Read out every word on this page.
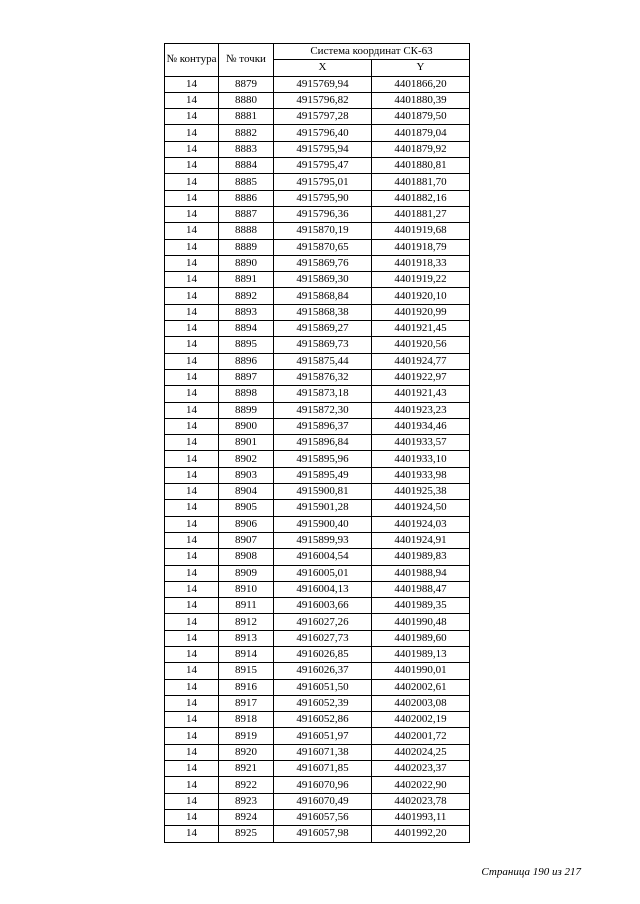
№ контура	№ точки	Система координат СК-63	
		X	Y
14	8879	4915769,94	4401866,20
14	8880	4915796,82	4401880,39
14	8881	4915797,28	4401879,50
14	8882	4915796,40	4401879,04
14	8883	4915795,94	4401879,92
14	8884	4915795,47	4401880,81
14	8885	4915795,01	4401881,70
14	8886	4915795,90	4401882,16
14	8887	4915796,36	4401881,27
14	8888	4915870,19	4401919,68
14	8889	4915870,65	4401918,79
14	8890	4915869,76	4401918,33
14	8891	4915869,30	4401919,22
14	8892	4915868,84	4401920,10
14	8893	4915868,38	4401920,99
14	8894	4915869,27	4401921,45
14	8895	4915869,73	4401920,56
14	8896	4915875,44	4401924,77
14	8897	4915876,32	4401922,97
14	8898	4915873,18	4401921,43
14	8899	4915872,30	4401923,23
14	8900	4915896,37	4401934,46
14	8901	4915896,84	4401933,57
14	8902	4915895,96	4401933,10
14	8903	4915895,49	4401933,98
14	8904	4915900,81	4401925,38
14	8905	4915901,28	4401924,50
14	8906	4915900,40	4401924,03
14	8907	4915899,93	4401924,91
14	8908	4916004,54	4401989,83
14	8909	4916005,01	4401988,94
14	8910	4916004,13	4401988,47
14	8911	4916003,66	4401989,35
14	8912	4916027,26	4401990,48
14	8913	4916027,73	4401989,60
14	8914	4916026,85	4401989,13
14	8915	4916026,37	4401990,01
14	8916	4916051,50	4402002,61
14	8917	4916052,39	4402003,08
14	8918	4916052,86	4402002,19
14	8919	4916051,97	4402001,72
14	8920	4916071,38	4402024,25
14	8921	4916071,85	4402023,37
14	8922	4916070,96	4402022,90
14	8923	4916070,49	4402023,78
14	8924	4916057,56	4401993,11
14	8925	4916057,98	4401992,20
Страница 190 из 217
